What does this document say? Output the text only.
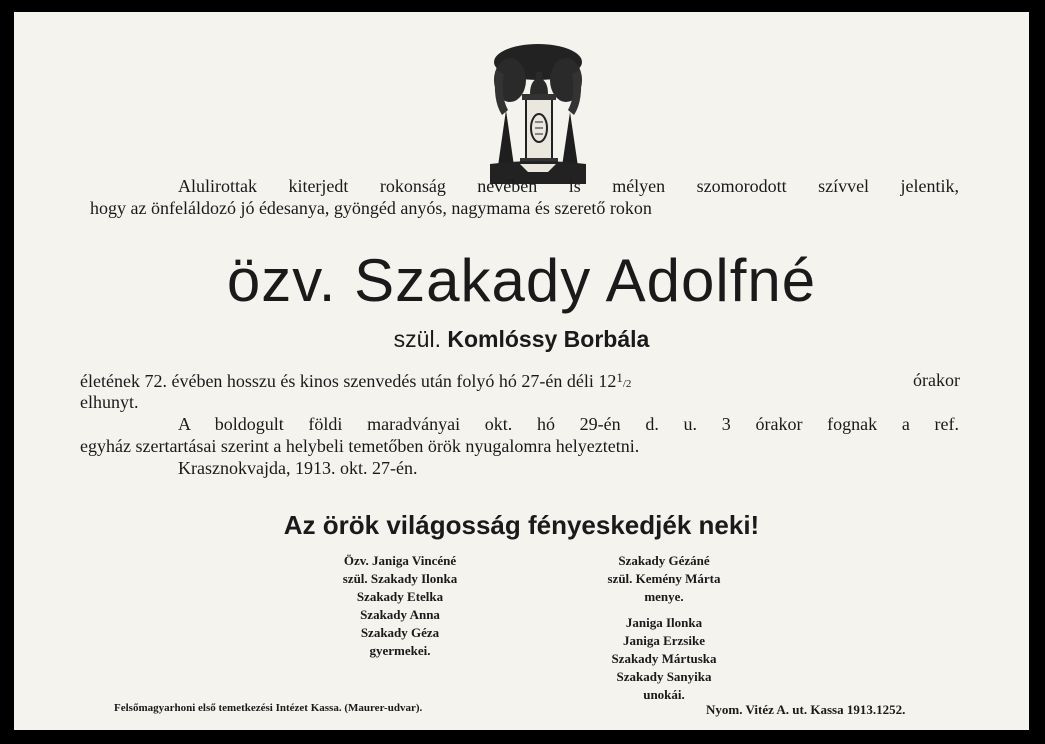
Alulirottak kiterjedt rokonság nevében is mélyen szomorodott szívvel jelentik,
hogy az önfeláldozó jó édesanya, gyöngéd anyós, nagymama és szerető rokon
özv. Szakady Adolfné
szül. Komlóssy Borbála
életének 72. évében hosszu és kinos szenvedés után folyó hó 27-én déli $12^1/2$	órakor
elhunyt.
A boldogult földi maradványai okt. hó 29-én d. u. 3 órakor fognak a ref.
egyház szertartásai szerint a helybeli temetőben örök nyugalomra helyeztetni.
Krasznokvajda, 1913. okt. 27-én.
Az örök világosság fényeskedjék neki!
Özv. Janiga Vincéné
szül. Szakady Ilonka
Szakady Etelka
Szakady Anna
Szakady Géza
gyermekei.
Szakady Gézáné
szül. Kemény Márta
menye.
Janiga Ilonka
Janiga Erzsike
Szakady Mártuska
Szakady Sanyika
unokái.
Felsőmagyarhoni első temetkezési Intézet Kassa. (Maurer-udvar).	Nyom. Vitéz A. ut. Kassa 1913.1252.
